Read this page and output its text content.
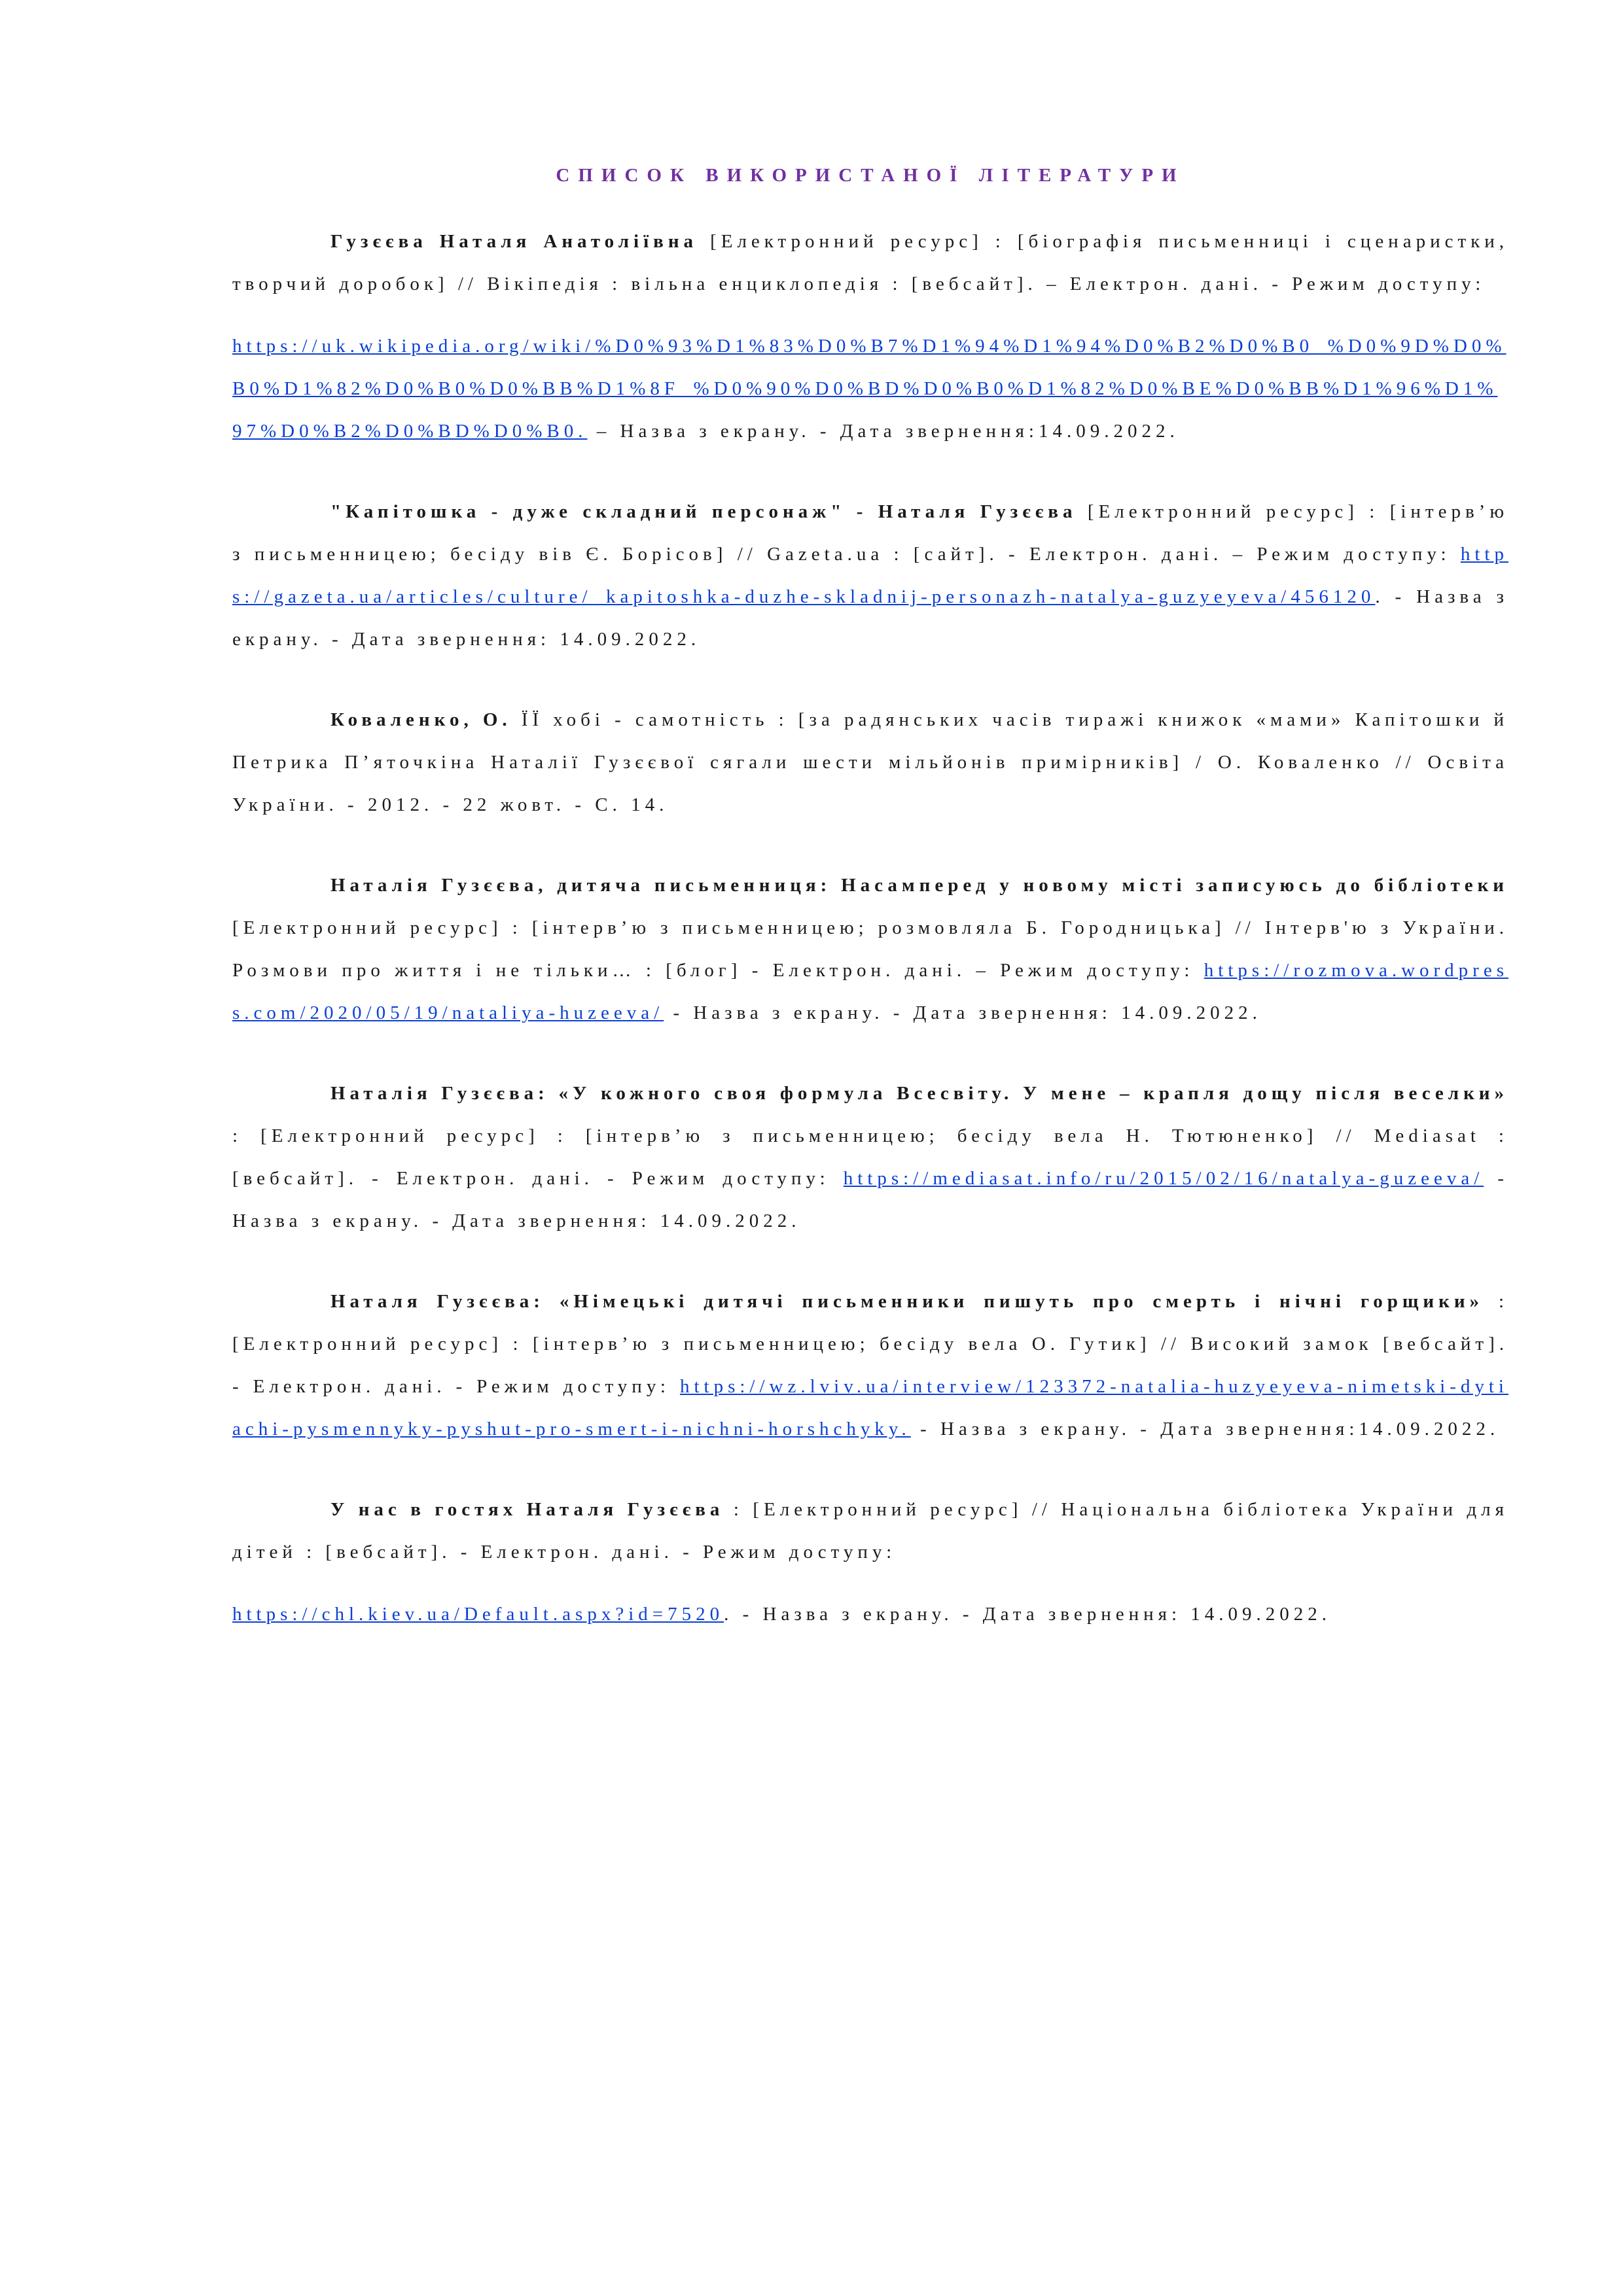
СПИСОК ВИКОРИСТАНОЇ ЛІТЕРАТУРИ

Гузєєва Наталя Анатоліївна [Електронний ресурс] : [біографія письменниці і сценаристки, творчий доробок] // Вікіпедія : вільна енциклопедія : [вебсайт]. – Електрон. дані. - Режим доступу:

https://uk.wikipedia.org/wiki/%D0%93%D1%83%D0%B7%D1%94%D1%94%D0%B2%D0%B0_%D0%9D%D0%B0%D1%82%D0%B0%D0%BB%D1%8F_%D0%90%D0%BD%D0%B0%D1%82%D0%BE%D0%BB%D1%96%D1%97%D0%B2%D0%BD%D0%B0. – Назва з екрану. - Дата звернення:14.09.2022.

"Капітошка - дуже складний персонаж" - Наталя Гузєєва [Електронний ресурс] : [інтерв’ю з письменницею; бесіду вів Є. Борісов] // Gazeta.ua : [сайт]. - Електрон. дані. – Режим доступу: https://gazeta.ua/articles/culture/_kapitoshka-duzhe-skladnij-personazh-natalya-guzyeyeva/456120. - Назва з екрану. - Дата звернення: 14.09.2022.

Коваленко, О. ЇЇ хобі - самотність : [за радянських часів тиражі книжок «мами» Капітошки й Петрика П’яточкіна Наталії Гузєєвої сягали шести мільйонів примірників] / О. Коваленко // Освіта України. - 2012. - 22 жовт. - С. 14.

Наталія Гузєєва, дитяча письменниця: Насамперед у новому місті записуюсь до бібліотеки [Електронний ресурс] : [інтерв’ю з письменницею; розмовляла Б. Городницька] // Інтерв'ю з України. Розмови про життя і не тільки… : [блог] - Електрон. дані. – Режим доступу: https://rozmova.wordpress.com/2020/05/19/nataliya-huzeeva/ - Назва з екрану. - Дата звернення: 14.09.2022.

Наталія Гузєєва: «У кожного своя формула Всесвіту. У мене – крапля дощу після веселки» : [Електронний ресурс] : [інтерв’ю з письменницею; бесіду вела Н. Тютюненко] // Mediasat : [вебсайт]. - Електрон. дані. - Режим доступу: https://mediasat.info/ru/2015/02/16/natalya-guzeeva/ - Назва з екрану. - Дата звернення: 14.09.2022.

Наталя Гузєєва: «Німецькі дитячі письменники пишуть про смерть і нічні горщики» : [Електронний ресурс] : [інтерв’ю з письменницею; бесіду вела О. Гутик] // Високий замок [вебсайт]. - Електрон. дані. - Режим доступу: https://wz.lviv.ua/interview/123372-natalia-huzyeyeva-nimetski-dytiachi-pysmennyky-pyshut-pro-smert-i-nichni-horshchyky. - Назва з екрану. - Дата звернення:14.09.2022.

У нас в гостях Наталя Гузєєва : [Електронний ресурс] // Національна бібліотека України для дітей : [вебсайт]. - Електрон. дані. - Режим доступу:

https://chl.kiev.ua/Default.aspx?id=7520. - Назва з екрану. - Дата звернення: 14.09.2022.
